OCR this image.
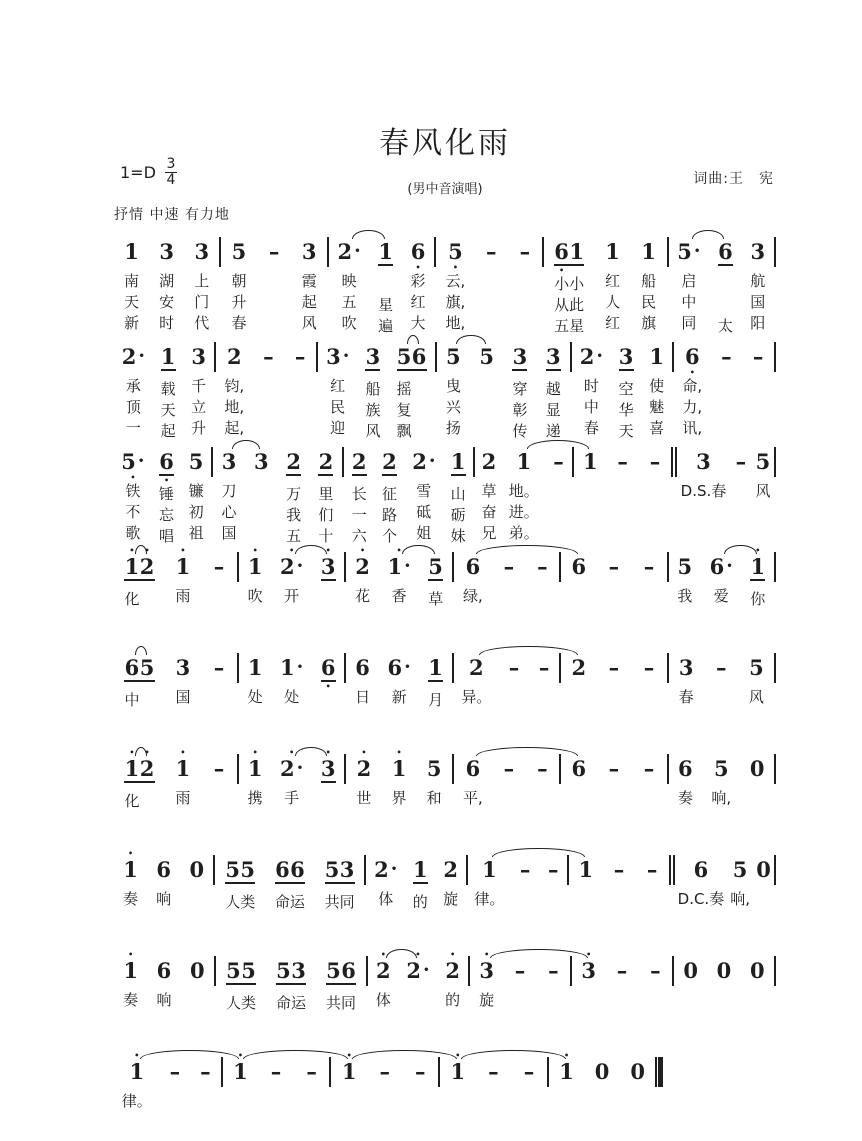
春风化雨
$1=D \frac{3}{4}$
(男中音演唱)
词曲:王　宪
抒情 中速 有力地
1
南
天
新
3
湖
安
时
3
上
门
代
5
朝
升
春
– 3
霞
起
风
2 ·
映
五
吹
1
星
遍
6
•
彩
红
大
5
•
云,
旗,
地,
– – 6
•
小
从
五
1
小
此
星
1
红
人
红
1
船
民
旗
5 ·
启
中
同
6
太
3
航
国
阳
2 ·
承
顶
一
1
载
天
起
3
千
立
升
2
钧,
地,
起,
– – 3 ·
红
民
迎
3
船
族
风
5
摇
复
飘
6 5
曳
兴
扬
5 3
穿
彰
传
3
越
显
递
2 ·
时
中
春
3
空
华
天
1
使
魅
喜
6
•
命,
力,
讯,
– –
5 ·
•
铁
不
歌
6
•
锤
忘
唱
5
镰
初
祖
3
刀
心
国
3 2
万
我
五
2
里
们
十
2
长
一
六
2
征
路
个
2 ·
雪
砥
姐
1
山
砺
妹
2
草
奋
兄
1
地。
进。
弟。
– 1 – – 3
D.S.春
– 5
风
•
1
化
•
2
•
1
雨
–
•
1
吹
•
2 ·
开
•
3
•
2
花
•
1 ·
香
5
草
6
绿,
– – 6 – – 5
我
6 ·
爱
•
1
你
6
中
5 3
国
– 1
处
1 ·
处
6
•
6
日
6 ·
新
1
月
2
异。
– – 2 – – 3
春
– 5
风
•
1
化
•
2
•
1
雨
–
•
1
携
•
2 ·
手
•
3
•
2
世
•
1
界
5
和
6
平,
– – 6 – – 6
奏
5
响,
0
•
1
奏
6
响
0 5
人
5
类
6
命
6
运
5
共
3
同
2 ·
体
1
的
2
旋
1
律。
– – 1 – – 6
D.C.奏
5
响,
0
•
1
奏
6
响
0 5
人
5
类
5
命
3
运
5
共
6
同
•
2
体
•
2 ·
•
2
的
•
3
旋
– –
•
3 – – 0 0 0
•
1
律。
– –
•
1 – –
•
1 – –
•
1 – –
•
1 0 0
